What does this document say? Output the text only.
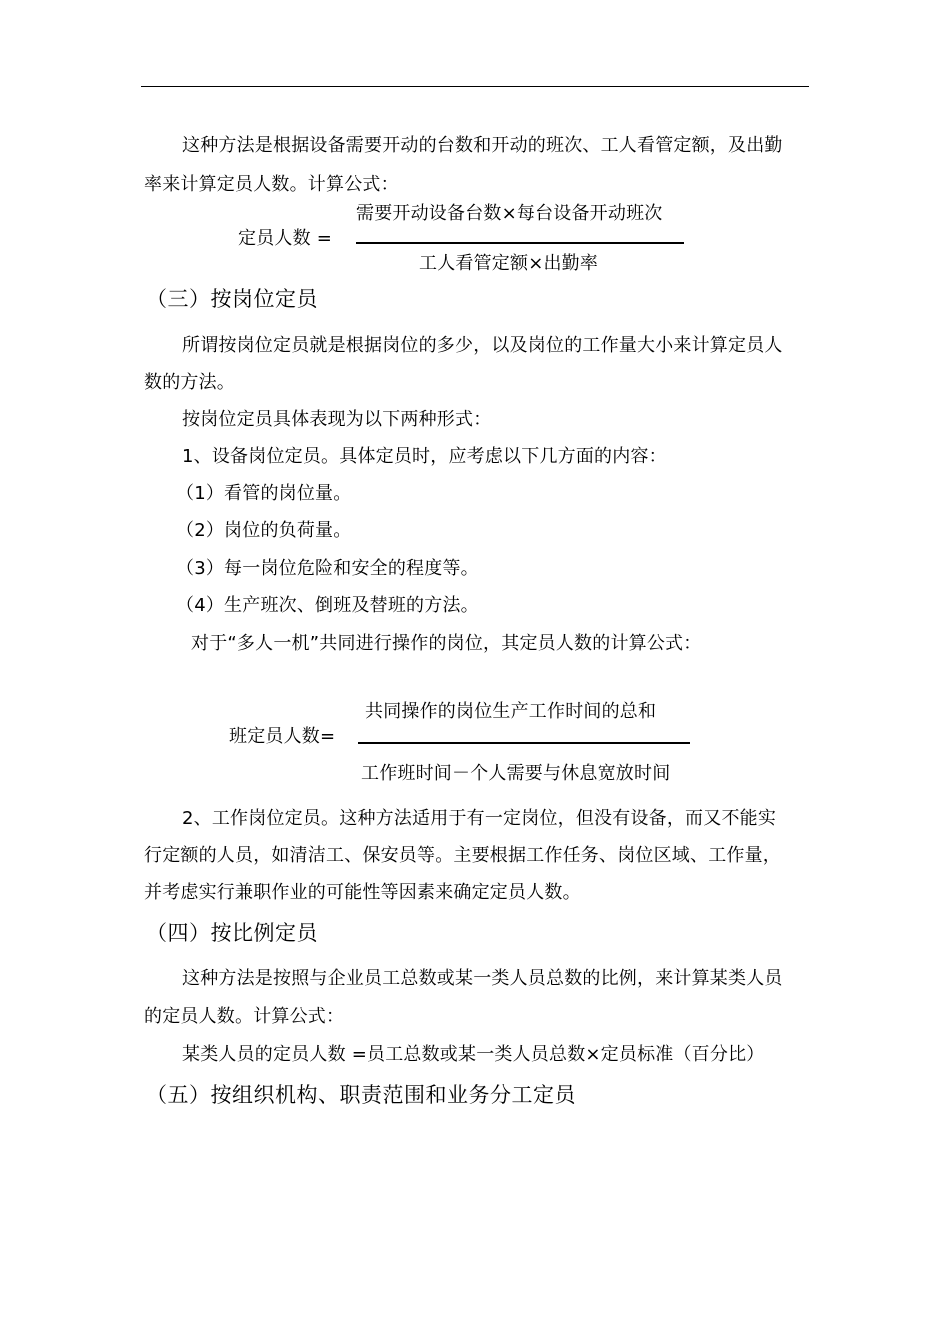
这种方法是根据设备需要开动的台数和开动的班次、工人看管定额，及出勤
率来计算定员人数。计算公式：
需要开动设备台数×每台设备开动班次
定员人数 =
工人看管定额×出勤率
（三）按岗位定员
所谓按岗位定员就是根据岗位的多少，以及岗位的工作量大小来计算定员人
数的方法。
按岗位定员具体表现为以下两种形式：
1、设备岗位定员。具体定员时，应考虑以下几方面的内容：
（1）看管的岗位量。
（2）岗位的负荷量。
（3）每一岗位危险和安全的程度等。
（4）生产班次、倒班及替班的方法。
对于“多人一机”共同进行操作的岗位，其定员人数的计算公式：
共同操作的岗位生产工作时间的总和
班定员人数=
工作班时间－个人需要与休息宽放时间
2、工作岗位定员。这种方法适用于有一定岗位，但没有设备，而又不能实
行定额的人员，如清洁工、保安员等。主要根据工作任务、岗位区域、工作量，
并考虑实行兼职作业的可能性等因素来确定定员人数。
（四）按比例定员
这种方法是按照与企业员工总数或某一类人员总数的比例，来计算某类人员
的定员人数。计算公式：
某类人员的定员人数 =员工总数或某一类人员总数×定员标准（百分比）
（五）按组织机构、职责范围和业务分工定员
